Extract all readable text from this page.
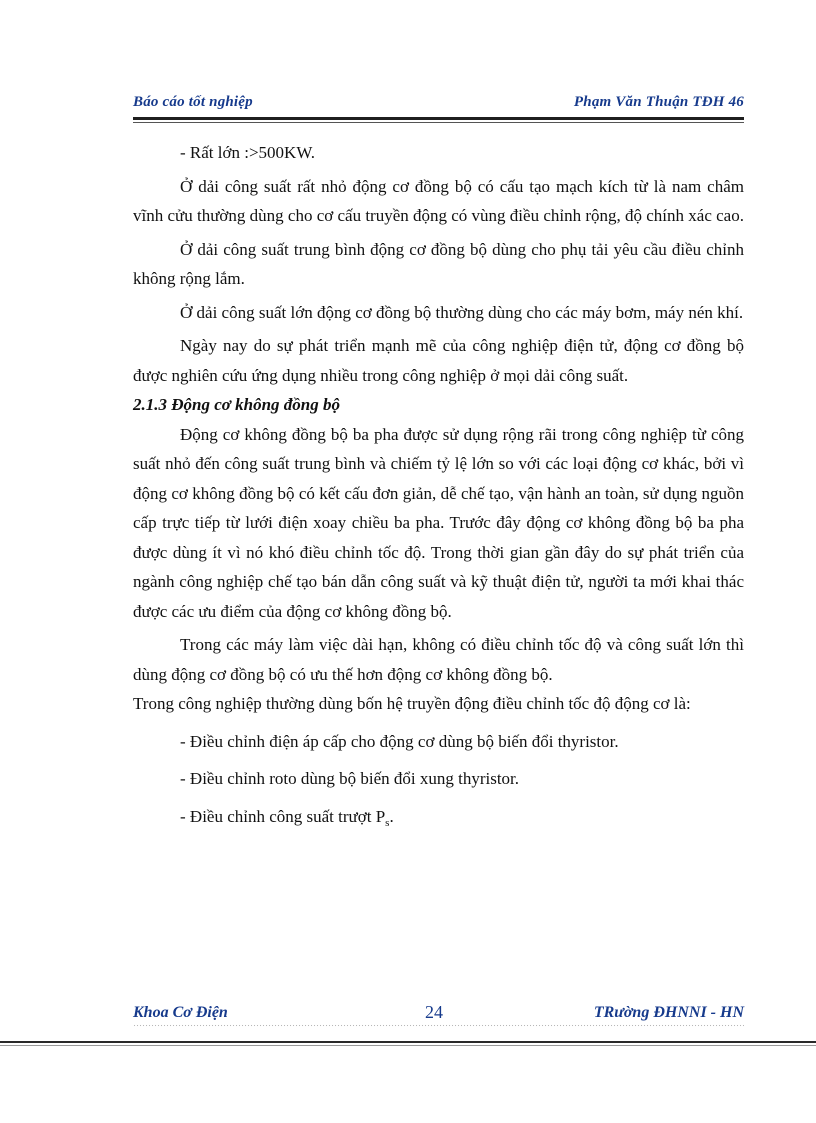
Báo cáo tốt nghiệp	Phạm Văn Thuận TĐH 46

- Rất lớn :>500KW.

Ở dải công suất rất nhỏ động cơ đồng bộ có cấu tạo mạch kích từ là nam châm vĩnh cửu thường dùng cho cơ cấu truyền động có vùng điều chỉnh rộng, độ chính xác cao.

Ở dải công suất trung bình động cơ đồng bộ dùng cho phụ tải yêu cầu điều chỉnh không rộng lắm.

Ở dải công suất lớn động cơ đồng bộ thường dùng cho các máy bơm, máy nén khí.

Ngày nay do sự phát triển mạnh mẽ của công nghiệp điện tử, động cơ đồng bộ được nghiên cứu ứng dụng nhiều trong công nghiệp ở mọi dải công suất.

2.1.3 Động cơ không đồng bộ

Động cơ không đồng bộ ba pha được sử dụng rộng rãi trong công nghiệp từ công suất nhỏ đến công suất trung bình và chiếm tỷ lệ lớn so với các loại động cơ khác, bởi vì động cơ không đồng bộ có kết cấu đơn giản, dễ chế tạo, vận hành an toàn, sử dụng nguồn cấp trực tiếp từ lưới điện xoay chiều ba pha. Trước đây động cơ không đồng bộ ba pha được dùng ít vì nó khó điều chỉnh tốc độ. Trong thời gian gần đây do sự phát triển của ngành công nghiệp chế tạo bán dẫn công suất và kỹ thuật điện tử, người ta mới khai thác được các ưu điểm của động cơ không đồng bộ.

Trong các máy làm việc dài hạn, không có điều chỉnh tốc độ và công suất lớn thì dùng động cơ đồng bộ có ưu thế hơn động cơ không đồng bộ.

Trong công nghiệp thường dùng bốn hệ truyền động điều chỉnh tốc độ động cơ là:

- Điều chỉnh điện áp cấp cho động cơ dùng bộ biến đổi thyristor.

- Điều chỉnh roto dùng bộ biến đổi xung thyristor.

- Điều chỉnh công suất trượt $P_s$.

Khoa Cơ Điện	24	TRường ĐHNNI - HN
